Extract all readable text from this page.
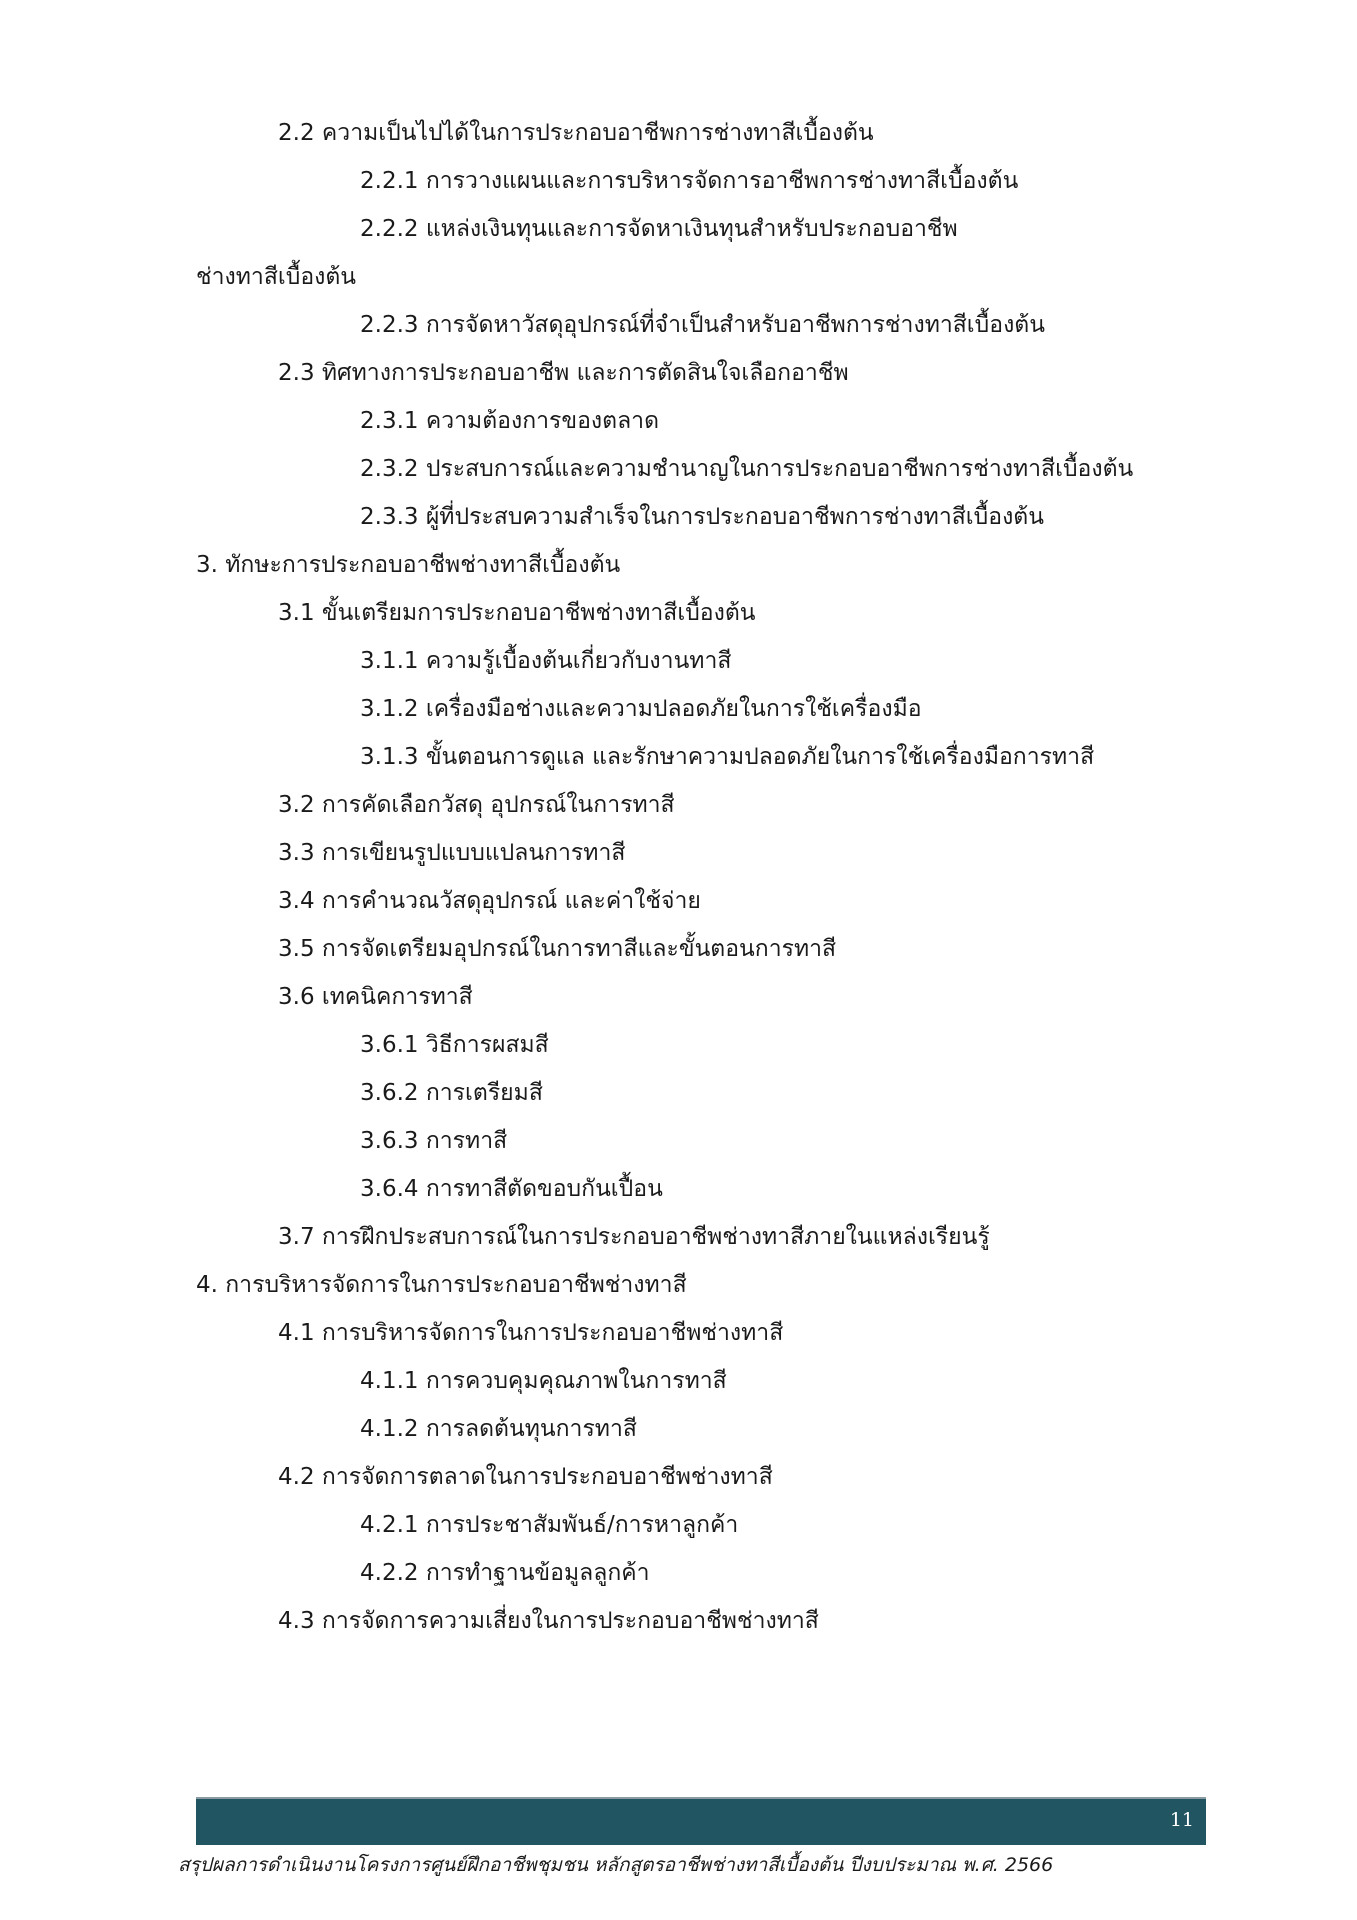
2.2 ความเป็นไปได้ในการประกอบอาชีพการช่างทาสีเบื้องต้น
2.2.1 การวางแผนและการบริหารจัดการอาชีพการช่างทาสีเบื้องต้น
2.2.2 แหล่งเงินทุนและการจัดหาเงินทุนสำหรับประกอบอาชีพ
ช่างทาสีเบื้องต้น
2.2.3 การจัดหาวัสดุอุปกรณ์ที่จำเป็นสำหรับอาชีพการช่างทาสีเบื้องต้น
2.3 ทิศทางการประกอบอาชีพ และการตัดสินใจเลือกอาชีพ
2.3.1 ความต้องการของตลาด
2.3.2 ประสบการณ์และความชำนาญในการประกอบอาชีพการช่างทาสีเบื้องต้น
2.3.3 ผู้ที่ประสบความสำเร็จในการประกอบอาชีพการช่างทาสีเบื้องต้น
3. ทักษะการประกอบอาชีพช่างทาสีเบื้องต้น
3.1 ขั้นเตรียมการประกอบอาชีพช่างทาสีเบื้องต้น
3.1.1 ความรู้เบื้องต้นเกี่ยวกับงานทาสี
3.1.2 เครื่องมือช่างและความปลอดภัยในการใช้เครื่องมือ
3.1.3 ขั้นตอนการดูแล และรักษาความปลอดภัยในการใช้เครื่องมือการทาสี
3.2 การคัดเลือกวัสดุ อุปกรณ์ในการทาสี
3.3 การเขียนรูปแบบแปลนการทาสี
3.4 การคำนวณวัสดุอุปกรณ์ และค่าใช้จ่าย
3.5 การจัดเตรียมอุปกรณ์ในการทาสีและขั้นตอนการทาสี
3.6 เทคนิคการทาสี
3.6.1 วิธีการผสมสี
3.6.2 การเตรียมสี
3.6.3 การทาสี
3.6.4 การทาสีตัดขอบกันเปื้อน
3.7 การฝึกประสบการณ์ในการประกอบอาชีพช่างทาสีภายในแหล่งเรียนรู้
4. การบริหารจัดการในการประกอบอาชีพช่างทาสี
4.1 การบริหารจัดการในการประกอบอาชีพช่างทาสี
4.1.1 การควบคุมคุณภาพในการทาสี
4.1.2 การลดต้นทุนการทาสี
4.2 การจัดการตลาดในการประกอบอาชีพช่างทาสี
4.2.1 การประชาสัมพันธ์/การหาลูกค้า
4.2.2 การทำฐานข้อมูลลูกค้า
4.3 การจัดการความเสี่ยงในการประกอบอาชีพช่างทาสี
11
สรุปผลการดำเนินงานโครงการศูนย์ฝึกอาชีพชุมชน หลักสูตรอาชีพช่างทาสีเบื้องต้น ปีงบประมาณ พ.ศ. 2566
